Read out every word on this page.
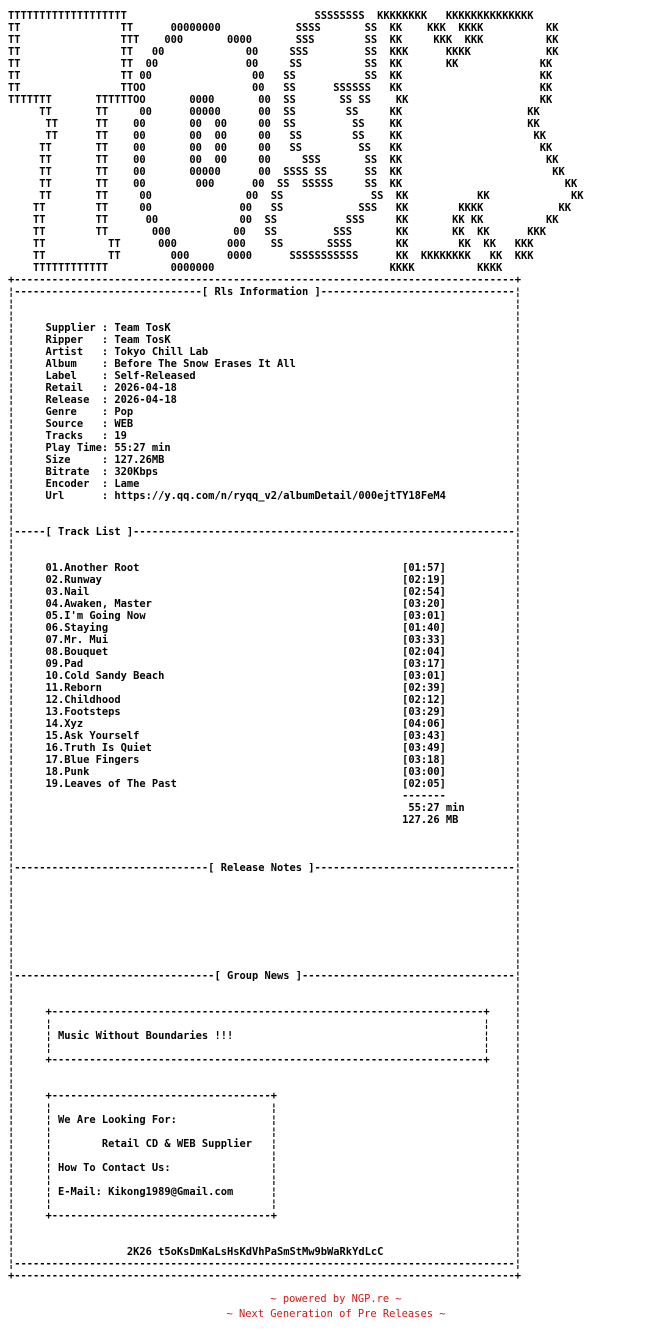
TTTTTTTTTTTTTTTTTTT                              SSSSSSSS  KKKKKKKK   KKKKKKKKKKKKKK
TT                TT      00000000            SSSS       SS  KK    KKK  KKKK          KK
TT                TTT    000       0000       SSS        SS  KK     KKK  KKK          KK
TT                TT   00             00     SSS         SS  KKK      KKKK            KK
TT                TT  00              00     SS          SS  KK       KK             KK
TT                TT 00                00   SS           SS  KK                      KK
TT                TTOO                 00   SS      SSSSSS   KK                      KK
TTTTTTT       TTTTTTOO       0000       00  SS       SS SS    KK                     KK
TT       TT     00      00000      00  SS        SS     KK                    KK
TT      TT    00       00  00     00  SS         SS    KK                    KK
TT      TT    00       00  00     00   SS        SS    KK                     KK
TT       TT    00       00  00     00   SS         SS   KK                      KK
TT       TT    00       00  00     00     SSS       SS  KK                       KK
TT       TT    00       00000      00  SSSS SS      SS  KK                        KK
TT       TT    00        000      00  SS  SSSSS     SS  KK                          KK
TT       TT     00               00  SS              SS  KK           KK             KK
TT        TT     00              00   SS            SSS   KK        KKKK            KK
TT        TT      00             00  SS           SSS     KK       KK KK          KK
TT        TT       000          00   SS         SSS       KK       KK  KK      KKK
TT          TT      000        000    SS       SSSS       KK        KK  KK   KKK
TT          TT        000      0000      SSSSSSSSSSS      KK  KKKKKKKK   KK  KKK
TTTTTTTTTTTT          0000000                            KKKK          KKKK
+--------------------------------------------------------------------------------+
¦------------------------------[ Rls Information ]-------------------------------¦
¦                                                                                ¦
¦                                                                                ¦
¦     Supplier : Team TosK                                                       ¦
¦     Ripper   : Team TosK                                                       ¦
¦     Artist   : Tokyo Chill Lab                                                 ¦
¦     Album    : Before The Snow Erases It All                                   ¦
¦     Label    : Self-Released                                                   ¦
¦     Retail   : 2026-04-18                                                      ¦
¦     Release  : 2026-04-18                                                      ¦
¦     Genre    : Pop                                                             ¦
¦     Source   : WEB                                                             ¦
¦     Tracks   : 19                                                              ¦
¦     Play Time: 55:27 min                                                       ¦
¦     Size     : 127.26MB                                                        ¦
¦     Bitrate  : 320Kbps                                                         ¦
¦     Encoder  : Lame                                                            ¦
¦     Url      : https://y.qq.com/n/ryqq_v2/albumDetail/000ejtTY18FeM4           ¦
¦                                                                                ¦
¦                                                                                ¦
¦-----[ Track List ]-------------------------------------------------------------¦
¦                                                                                ¦
¦                                                                                ¦
¦     01.Another Root                                          [01:57]           ¦
¦     02.Runway                                                [02:19]           ¦
¦     03.Nail                                                  [02:54]           ¦
¦     04.Awaken, Master                                        [03:20]           ¦
¦     05.I'm Going Now                                         [03:01]           ¦
¦     06.Staying                                               [01:40]           ¦
¦     07.Mr. Mui                                               [03:33]           ¦
¦     08.Bouquet                                               [02:04]           ¦
¦     09.Pad                                                   [03:17]           ¦
¦     10.Cold Sandy Beach                                      [03:01]           ¦
¦     11.Reborn                                                [02:39]           ¦
¦     12.Childhood                                             [02:12]           ¦
¦     13.Footsteps                                             [03:29]           ¦
¦     14.Xyz                                                   [04:06]           ¦
¦     15.Ask Yourself                                          [03:43]           ¦
¦     16.Truth Is Quiet                                        [03:49]           ¦
¦     17.Blue Fingers                                          [03:18]           ¦
¦     18.Punk                                                  [03:00]           ¦
¦     19.Leaves of The Past                                    [02:05]           ¦
¦                                                              -------           ¦
¦                                                               55:27 min        ¦
¦                                                              127.26 MB         ¦
¦                                                                                ¦
¦                                                                                ¦
¦                                                                                ¦
¦-------------------------------[ Release Notes ]--------------------------------¦
¦                                                                                ¦
¦                                                                                ¦
¦                                                                                ¦
¦                                                                                ¦
¦                                                                                ¦
¦                                                                                ¦
¦                                                                                ¦
¦                                                                                ¦
¦--------------------------------[ Group News ]----------------------------------¦
¦                                                                                ¦
¦                                                                                ¦
¦     +---------------------------------------------------------------------+    ¦
¦     ¦                                                                     ¦    ¦
¦     ¦ Music Without Boundaries !!!                                        ¦    ¦
¦     ¦                                                                     ¦    ¦
¦     +---------------------------------------------------------------------+    ¦
¦                                                                                ¦
¦                                                                                ¦
¦     +-----------------------------------+                                      ¦
¦     ¦                                   ¦                                      ¦
¦     ¦ We Are Looking For:               ¦                                      ¦
¦     ¦                                   ¦                                      ¦
¦     ¦        Retail CD & WEB Supplier   ¦                                      ¦
¦     ¦                                   ¦                                      ¦
¦     ¦ How To Contact Us:                ¦                                      ¦
¦     ¦                                   ¦                                      ¦
¦     ¦ E-Mail: Kikong1989@Gmail.com      ¦                                      ¦
¦     ¦                                   ¦                                      ¦
¦     +-----------------------------------+                                      ¦
¦                                                                                ¦
¦                                                                                ¦
¦                  2K26 t5oKsDmKaLsHsKdVhPaSmStMw9bWaRkYdLcC                     ¦
¦--------------------------------------------------------------------------------¦
+--------------------------------------------------------------------------------+
~ powered by NGP.re ~
~ Next Generation of Pre Releases ~
